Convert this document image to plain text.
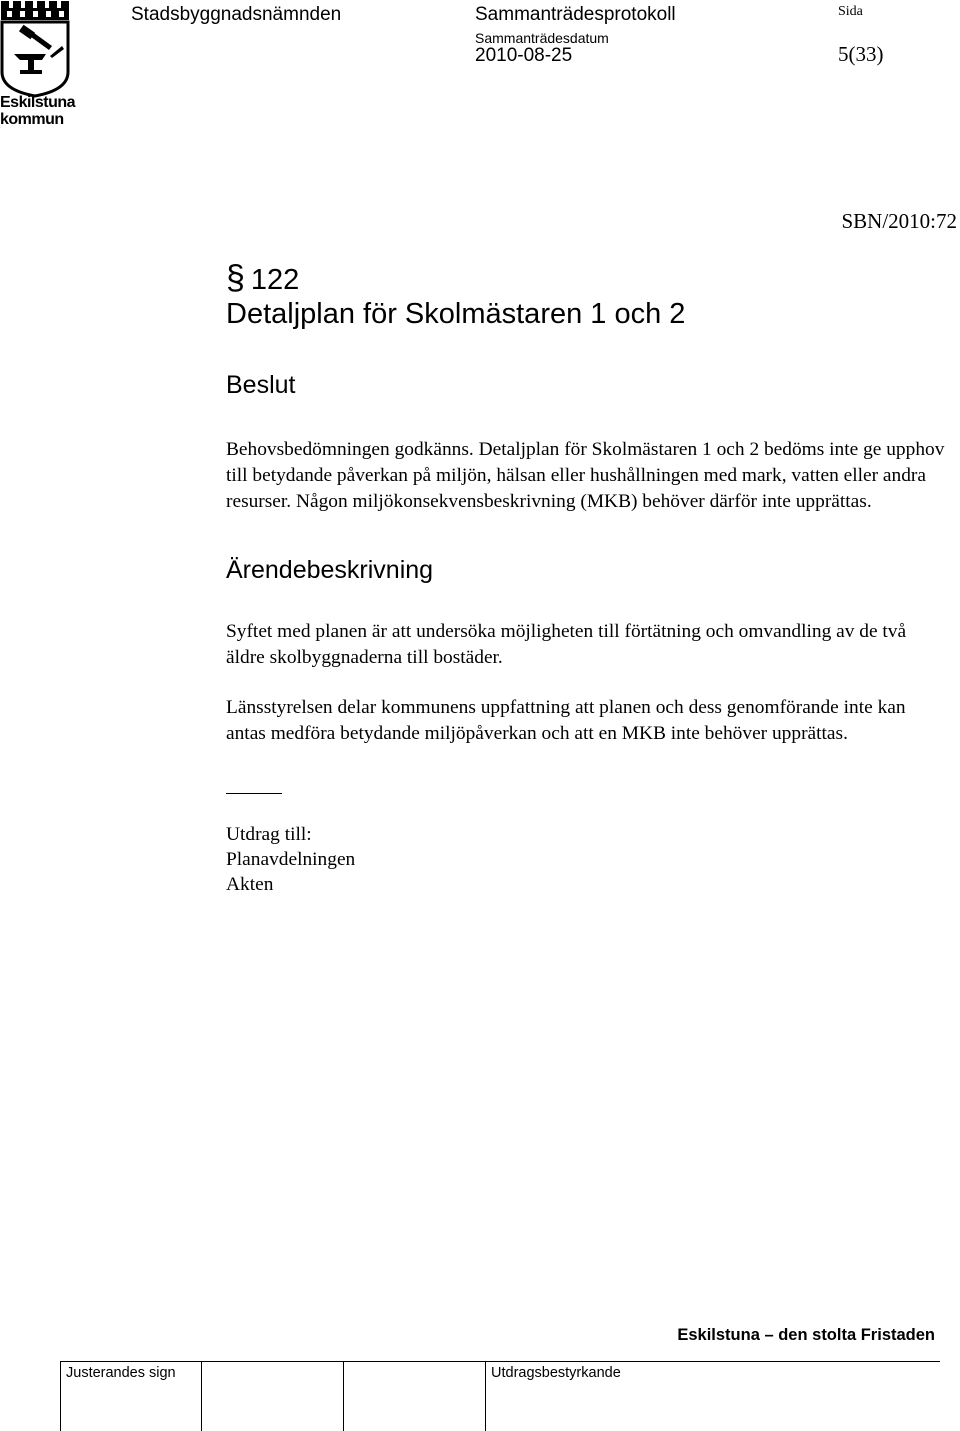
Eskilstuna
kommun
Stadsbyggnadsnämnden	Sammanträdesprotokoll
Sammanträdesdatum
2010-08-25
Sida
5(33)
SBN/2010:72
§ 122
Detaljplan för Skolmästaren 1 och 2
Beslut
Behovsbedömningen godkänns. Detaljplan för Skolmästaren 1 och 2 bedöms inte ge upphov till betydande påverkan på miljön, hälsan eller hushållningen med mark, vatten eller andra resurser. Någon miljökonsekvensbeskrivning (MKB) behöver därför inte upprättas.
Ärendebeskrivning
Syftet med planen är att undersöka möjligheten till förtätning och omvandling av de två äldre skolbyggnaderna till bostäder.
Länsstyrelsen delar kommunens uppfattning att planen och dess genomförande inte kan antas medföra betydande miljöpåverkan och att en MKB inte behöver upprättas.
Utdrag till:
Planavdelningen
Akten
Eskilstuna – den stolta Fristaden
Justerandes sign	Utdragsbestyrkande
